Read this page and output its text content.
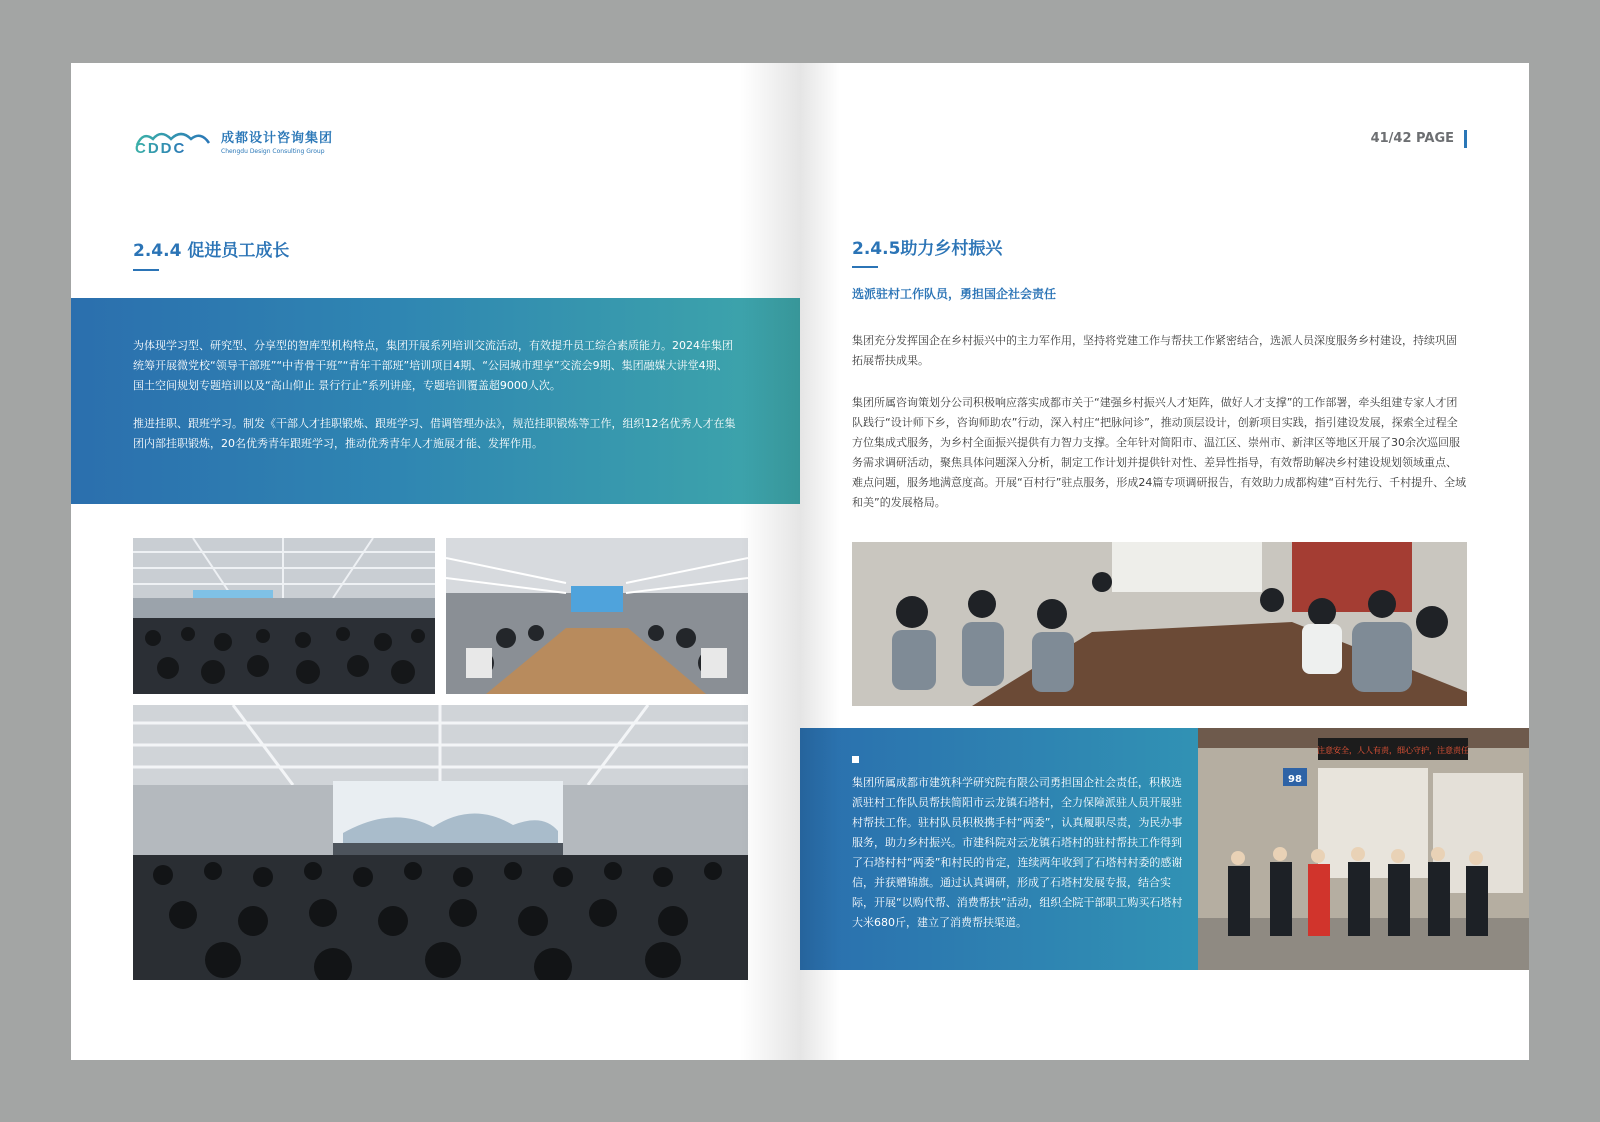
CDDC
成都设计咨询集团
Chengdu Design Consulting Group
2.4.4 促进员工成长

为体现学习型、研究型、分享型的智库型机构特点，集团开展系列培训交流活动，有效提升员工综合素质能力。2024年集团统筹开展微党校“领导干部班”“中青骨干班”“青年干部班”培训项目4期、“公园城市理享”交流会9期、集团融媒大讲堂4期、国土空间规划专题培训以及“高山仰止 景行行止”系列讲座，专题培训覆盖超9000人次。

推进挂职、跟班学习。制发《干部人才挂职锻炼、跟班学习、借调管理办法》，规范挂职锻炼等工作，组织12名优秀人才在集团内部挂职锻炼，20名优秀青年跟班学习，推动优秀青年人才施展才能、发挥作用。

41/42 PAGE
2.4.5助力乡村振兴
选派驻村工作队员，勇担国企社会责任
集团充分发挥国企在乡村振兴中的主力军作用，坚持将党建工作与帮扶工作紧密结合，选派人员深度服务乡村建设，持续巩固拓展帮扶成果。
集团所属咨询策划分公司积极响应落实成都市关于“建强乡村振兴人才矩阵，做好人才支撑”的工作部署，牵头组建专家人才团队践行“设计师下乡，咨询师助农”行动，深入村庄“把脉问诊”，推动顶层设计，创新项目实践，指引建设发展，探索全过程全方位集成式服务，为乡村全面振兴提供有力智力支撑。全年针对简阳市、温江区、崇州市、新津区等地区开展了30余次巡回服务需求调研活动，聚焦具体问题深入分析，制定工作计划并提供针对性、差异性指导，有效帮助解决乡村建设规划领域重点、难点问题，服务地满意度高。开展“百村行”驻点服务，形成24篇专项调研报告，有效助力成都构建“百村先行、千村提升、全域和美”的发展格局。

集团所属成都市建筑科学研究院有限公司勇担国企社会责任，积极选派驻村工作队员帮扶简阳市云龙镇石塔村，全力保障派驻人员开展驻村帮扶工作。驻村队员积极携手村“两委”，认真履职尽责，为民办事服务，助力乡村振兴。市建科院对云龙镇石塔村的驻村帮扶工作得到了石塔村村“两委”和村民的肯定，连续两年收到了石塔村村委的感谢信，并获赠锦旗。通过认真调研，形成了石塔村发展专报，结合实际，开展“以购代帮、消费帮扶”活动，组织全院干部职工购买石塔村大米680斤，建立了消费帮扶渠道。

注意安全，人人有责，细心守护，注意责任
98
